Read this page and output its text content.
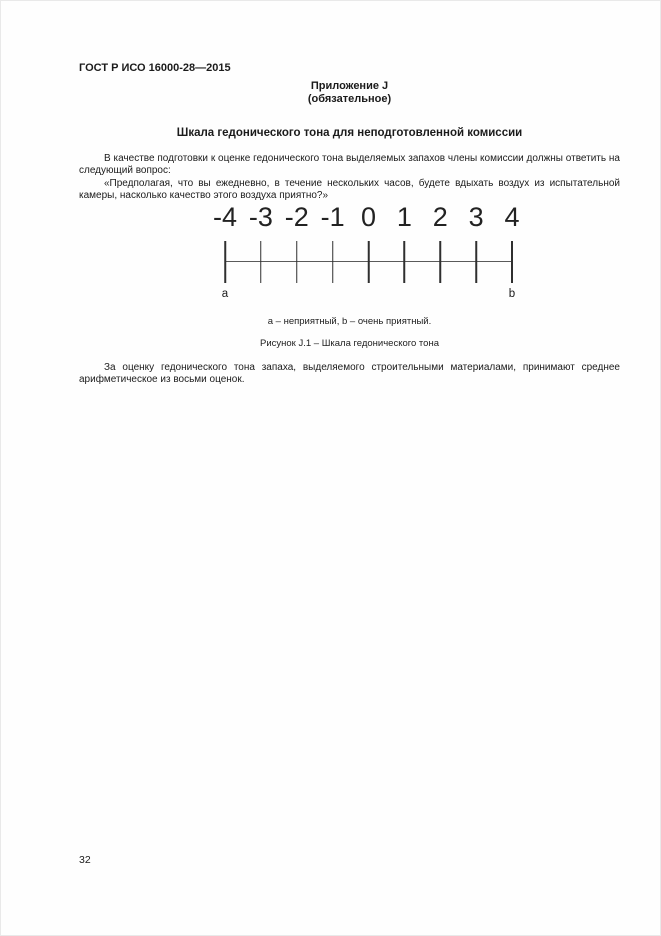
ГОСТ Р ИСО 16000-28—2015
Приложение J
(обязательное)
Шкала гедонического тона для неподготовленной комиссии

В качестве подготовки к оценке гедонического тона выделяемых запахов члены комиссии должны ответить на следующий вопрос:

«Предполагая, что вы ежедневно, в течение нескольких часов, будете вдыхать воздух из испытательной камеры, насколько качество этого воздуха приятно?»

-4 -3 -2 -1 0 1 2 3 4
a	b
a – неприятный, b – очень приятный.
Рисунок J.1 – Шкала гедонического тона

За оценку гедонического тона запаха, выделяемого строительными материалами, принимают среднее арифметическое из восьми оценок.

32
